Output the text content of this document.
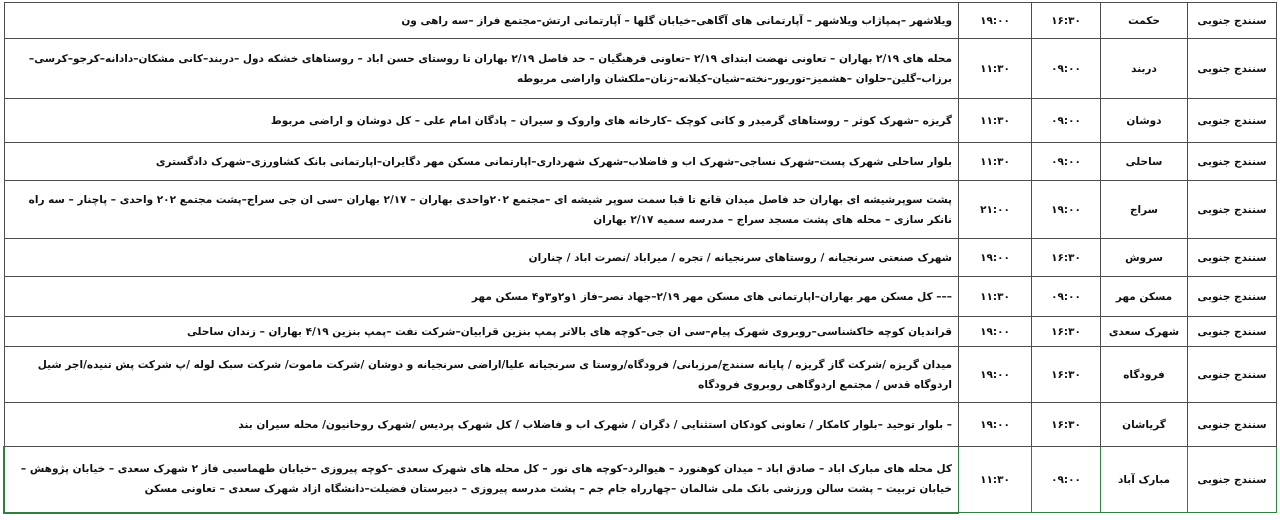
سنندج جنوبی	حکمت	۱۶:۳۰	۱۹:۰۰	ویلاشهر –پمپاژاب ویلاشهر – آپارتمانی های آگاهی–خیابان گلها – آپارتمانی ارتش–مجتمع فراز –سه راهی ون
سنندج جنوبی	دربند	۰۹:۰۰	۱۱:۳۰	محله های ۲/۱۹ بهاران – تعاونی نهضت ابتدای ۲/۱۹ –تعاونی فرهنگیان – حد فاصل ۲/۱۹ بهاران تا روستای حسن اباد – روستاهای خشکه دول –دربند–کانی مشکان–دادانه–کرجو–کرسی–برزاب–گلین–حلوان –هشمیز–توریور–نخته–شیان–کیلانه–زنان–ملکشان واراضی مربوطه
سنندج جنوبی	دوشان	۰۹:۰۰	۱۱:۳۰	گریزه –شهرک کوثر – روستاهای گرمیدر و کانی کوچک –کارخانه های واروک و سیران – پادگان امام علی – کل دوشان و اراضی مربوط
سنندج جنوبی	ساحلی	۰۹:۰۰	۱۱:۳۰	بلوار ساحلی شهرک پست–شهرک نساجی–شهرک اب و فاضلاب–شهرک شهرداری–اپارتمانی مسکن مهر دگایران–اپارتمانی بانک کشاورزی–شهرک دادگستری
سنندج جنوبی	سراج	۱۹:۰۰	۲۱:۰۰	پشت سوپرشیشه ای بهاران حد فاصل میدان قانع تا قبا سمت سوپر شیشه ای –مجتمع ۲۰۲واحدی بهاران – ۲/۱۷ بهاران –سی ان جی سراج–پشت مجتمع ۲۰۲ واحدی – پاچنار – سه راه نانکر سازی – محله های پشت مسجد سراج – مدرسه سمیه ۲/۱۷ بهاران
سنندج جنوبی	سروش	۱۶:۳۰	۱۹:۰۰	شهرک صنعتی سرنجیانه / روستاهای سرنجیانه / تجره / میراباد /نصرت اباد / چناران
سنندج جنوبی	مسکن مهر	۰۹:۰۰	۱۱:۳۰	––– کل مسکن مهر بهاران–اپارتمانی های مسکن مهر ۲/۱۹–جهاد نصر–فاز ۱و۲و۳و۴ مسکن مهر
سنندج جنوبی	شهرک سعدی	۱۶:۳۰	۱۹:۰۰	قراندیان کوچه خاکشناسی–روبروی شهرک پیام–سی ان جی–کوچه های بالاتر پمپ بنزین قرابیان–شرکت نفت –پمپ بنزین ۴/۱۹ بهاران – زندان ساحلی
سنندج جنوبی	فرودگاه	۱۶:۳۰	۱۹:۰۰	میدان گریزه /شرکت گاز گریزه / پایانه سنندج/مرزبانی/ فرودگاه/روستا ی سرنجیانه علیا/اراضی سرنجیانه و دوشان /شرکت ماموت/ شرکت سبک لوله /پ شرکت پش تنیده/اجر شیل اردوگاه قدس / مجتمع اردوگاهی روبروی فرودگاه
سنندج جنوبی	گریاشان	۱۶:۳۰	۱۹:۰۰	– بلوار توحید –بلوار کامکار / تعاونی کودکان استثنایی / دگران / شهرک اب و فاضلاب / کل شهرک پردیس /شهرک روحانیون/ محله سیران بند
سنندج جنوبی	مبارک آباد	۰۹:۰۰	۱۱:۳۰	کل محله های مبارک اباد – صادق اباد – میدان کوهنورد – هیوالرد–کوچه های نور – کل محله های شهرک سعدی –کوچه پیروزی –خیابان طهماسبی فاز ۲ شهرک سعدی – خیابان پژوهش – خیابان تربیت – پشت سالن ورزشی بانک ملی شالمان –چهارراه جام جم – پشت مدرسه پیروزی – دبیرستان فضیلت–دانشگاه ازاد شهرک سعدی – تعاونی مسکن
